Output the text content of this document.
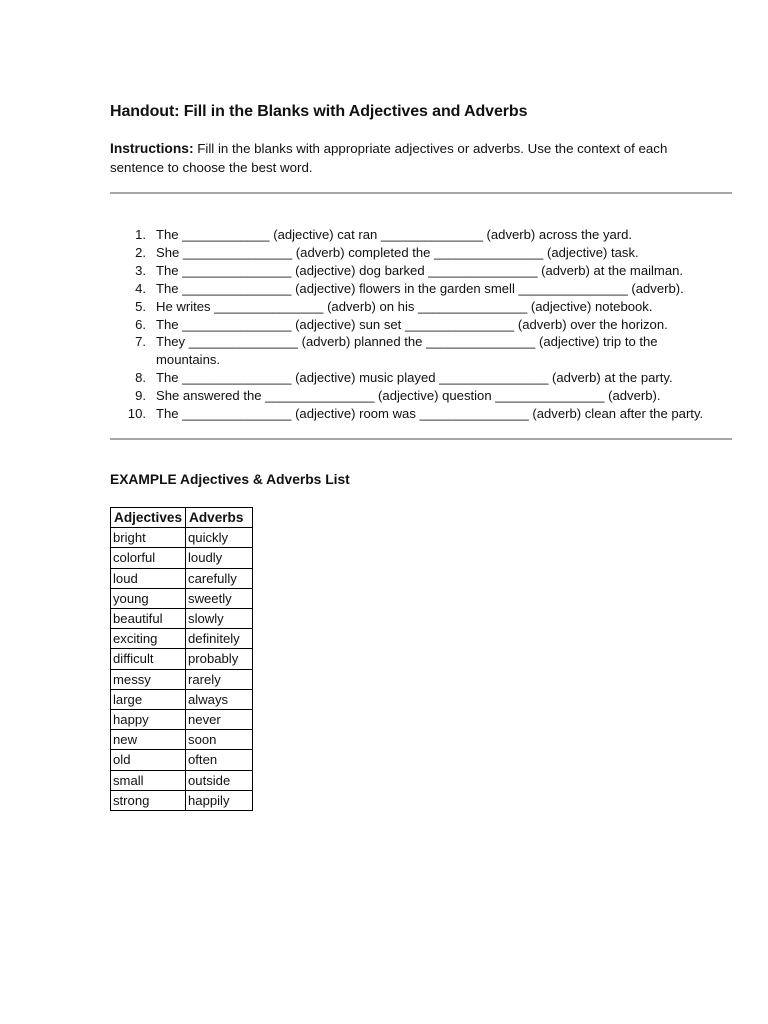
Handout: Fill in the Blanks with Adjectives and Adverbs
Instructions: Fill in the blanks with appropriate adjectives or adverbs. Use the context of each sentence to choose the best word.
1. The ____________ (adjective) cat ran ______________ (adverb) across the yard.
2. She _______________ (adverb) completed the _______________ (adjective) task.
3. The _______________ (adjective) dog barked _______________ (adverb) at the mailman.
4. The _______________ (adjective) flowers in the garden smell _______________ (adverb).
5. He writes _______________ (adverb) on his _______________ (adjective) notebook.
6. The _______________ (adjective) sun set _______________ (adverb) over the horizon.
7. They _______________ (adverb) planned the _______________ (adjective) trip to the
mountains.
8. The _______________ (adjective) music played _______________ (adverb) at the party.
9. She answered the _______________ (adjective) question _______________ (adverb).
10. The _______________ (adjective) room was _______________ (adverb) clean after the party.
EXAMPLE Adjectives & Adverbs List
Adjectives	Adverbs
bright	quickly
colorful	loudly
loud	carefully
young	sweetly
beautiful	slowly
exciting	definitely
difficult	probably
messy	rarely
large	always
happy	never
new	soon
old	often
small	outside
strong	happily
